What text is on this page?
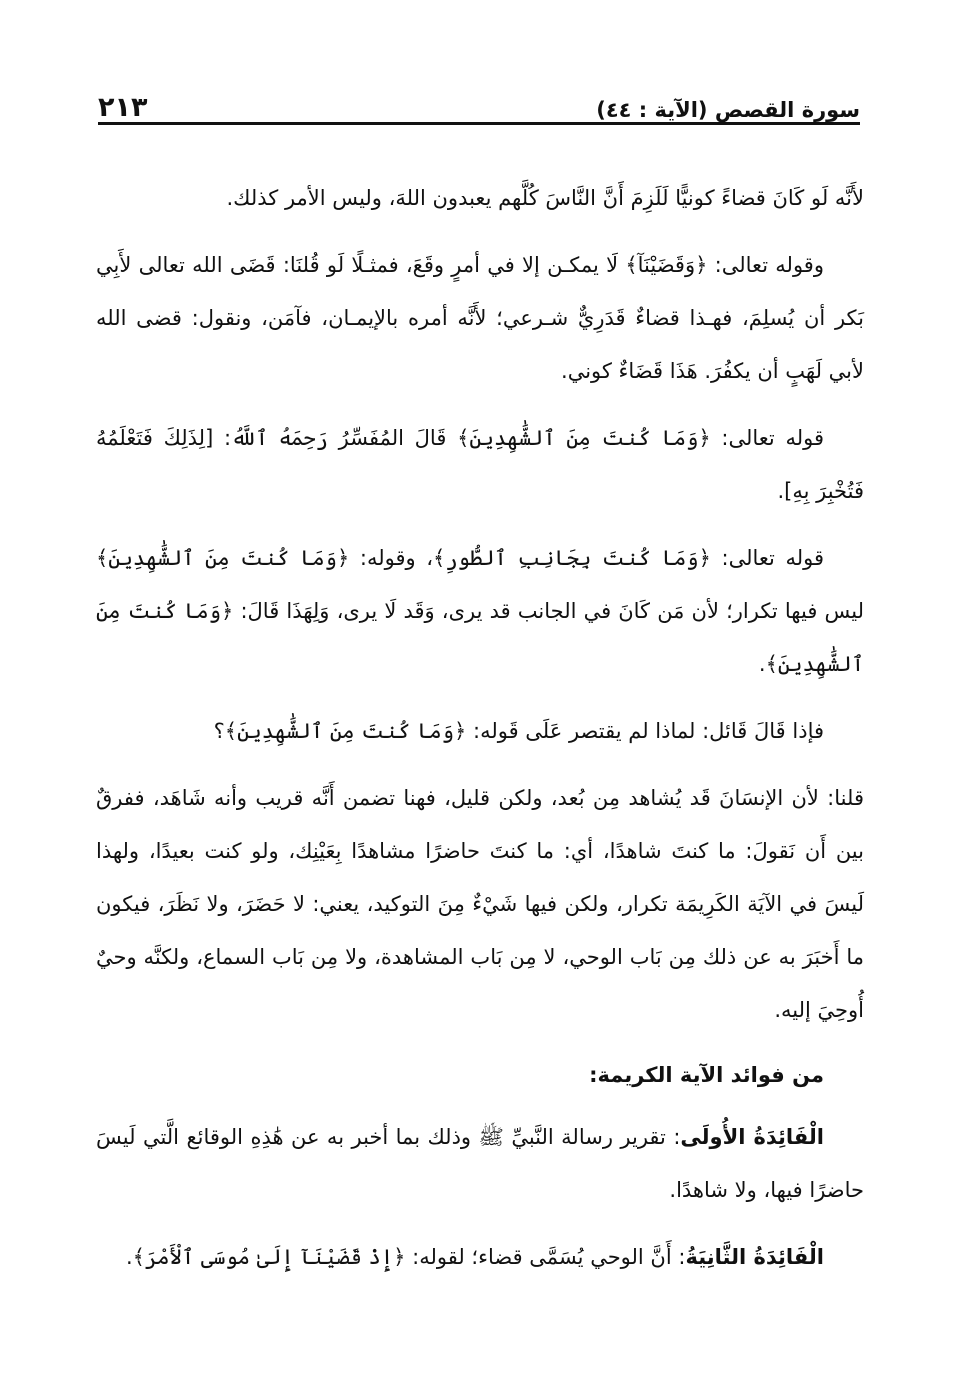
سورة القصص (الآية : ٤٤)
٢١٣

لأَنَّه لَو كَانَ قضاءً كونيًّا لَلَزِمَ أَنَّ النَّاسَ كُلَّهم يعبدون اللهَ، وليس الأمر كذلك.

وقوله تعالى: ﴿وَقَضَيْنَآ﴾ لَا يمكـن إلا في أمرٍ وقَعَ، فمثـلًا لَو قُلنَا: قَضَى الله تعالى لأَبِي بَكر أن يُسلِمَ، فهـذا قضاءٌ قَدَرِيٌّ شـرعي؛ لأَنَّه أمره بالإيمـان، فآمَن، ونقول: قضى الله لأبي لَهَبٍ أن يكفُرَ. هَذَا قَضَاءٌ كوني.

قوله تعالى: ﴿وَمَا كُنتَ مِنَ ٱلشَّٰهِدِينَ﴾ قَالَ المُفَسِّرُ رَحِمَهُ ٱللَّهُ: [لِذَلِكَ فَتَعْلَمُهُ فَتُخْبِرَ بِهِ].

قوله تعالى: ﴿وَمَا كُنتَ بِجَانِبِ ٱلطُّورِ﴾، وقوله: ﴿وَمَا كُنتَ مِنَ ٱلشَّٰهِدِينَ﴾ ليس فيها تكرار؛ لأن مَن كَانَ في الجانب قد يرى، وَقَد لَا يرى، وَلِهَذَا قَالَ: ﴿وَمَا كُنتَ مِنَ ٱلشَّٰهِدِينَ﴾.

فإذا قَالَ قَائل: لماذا لم يقتصر عَلَى قَوله: ﴿وَمَا كُنتَ مِنَ ٱلشَّٰهِدِينَ﴾؟

قلنا: لأن الإنسَانَ قَد يُشاهد مِن بُعد، ولكن قليل، فهنا تضمن أَنَّه قريب وأنه شَاهَد، ففرقٌ بين أَن نَقولَ: ما كنتَ شاهدًا، أي: ما كنتَ حاضرًا مشاهدًا بِعَيْنِك، ولو كنت بعيدًا، ولهذا لَيسَ في الآيَة الكَرِيمَة تكرار، ولكن فيها شَيْءٌ مِنَ التوكيد، يعني: لا حَضَرَ، ولا نَظَرَ، فيكون ما أَخبَرَ به عن ذلك مِن بَاب الوحي، لا مِن بَاب المشاهدة، ولا مِن بَاب السماع، ولكنَّه وحيٌ أُوحِيَ إليه.

من فوائد الآية الكريمة:

الْفَائِدَةُ الأُولَى: تقرير رسالة النَّبيِّ ﷺ وذلك بما أخبر به عن هَٰذِهِ الوقائع الَّتي لَيسَ حاضرًا فيها، ولا شاهدًا.

الْفَائِدَةُ الثَّانِيَةُ: أَنَّ الوحي يُسَمَّى قضاء؛ لقوله: ﴿إِذْ قَضَيْنَآ إِلَىٰ مُوسَى ٱلْأَمْرَ﴾.
